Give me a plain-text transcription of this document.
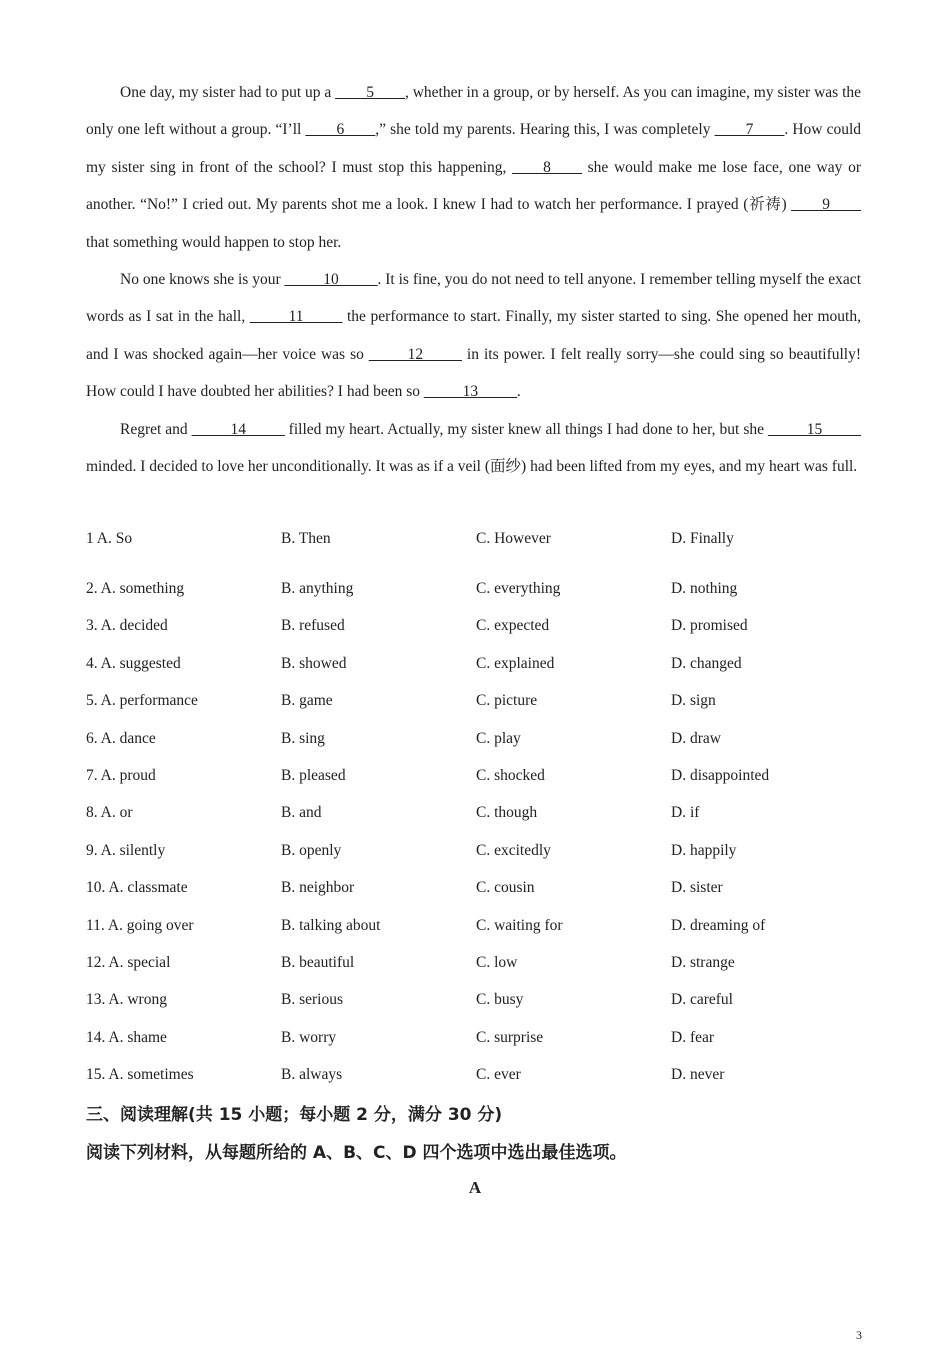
One day, my sister had to put up a ____5____, whether in a group, or by herself. As you can imagine, my sister was the only one left without a group. “I’ll ____6____,” she told my parents. Hearing this, I was completely ____7____. How could my sister sing in front of the school? I must stop this happening, ____8____ she would make me lose face, one way or another. “No!” I cried out. My parents shot me a look. I knew I had to watch her performance. I prayed (祈祷) ____9____ that something would happen to stop her.

No one knows she is your _____10_____. It is fine, you do not need to tell anyone. I remember telling myself the exact words as I sat in the hall, _____11_____ the performance to start. Finally, my sister started to sing. She opened her mouth, and I was shocked again—her voice was so _____12_____ in its power. I felt really sorry—she could sing so beautifully! How could I have doubted her abilities? I had been so _____13_____.

Regret and _____14_____ filled my heart. Actually, my sister knew all things I had done to her, but she _____15_____ minded. I decided to love her unconditionally. It was as if a veil (面纱) had been lifted from my eyes, and my heart was full.

1 A. So	B. Then	C. However	D. Finally
2. A. something	B. anything	C. everything	D. nothing
3. A. decided	B. refused	C. expected	D. promised
4. A. suggested	B. showed	C. explained	D. changed
5. A. performance	B. game	C. picture	D. sign
6. A. dance	B. sing	C. play	D. draw
7. A. proud	B. pleased	C. shocked	D. disappointed
8. A. or	B. and	C. though	D. if
9. A. silently	B. openly	C. excitedly	D. happily
10. A. classmate	B. neighbor	C. cousin	D. sister
11. A. going over	B. talking about	C. waiting for	D. dreaming of
12. A. special	B. beautiful	C. low	D. strange
13. A. wrong	B. serious	C. busy	D. careful
14. A. shame	B. worry	C. surprise	D. fear
15. A. sometimes	B. always	C. ever	D. never
三、阅读理解(共 15 小题；每小题 2 分，满分 30 分)
阅读下列材料，从每题所给的 A、B、C、D 四个选项中选出最佳选项。
A
3
